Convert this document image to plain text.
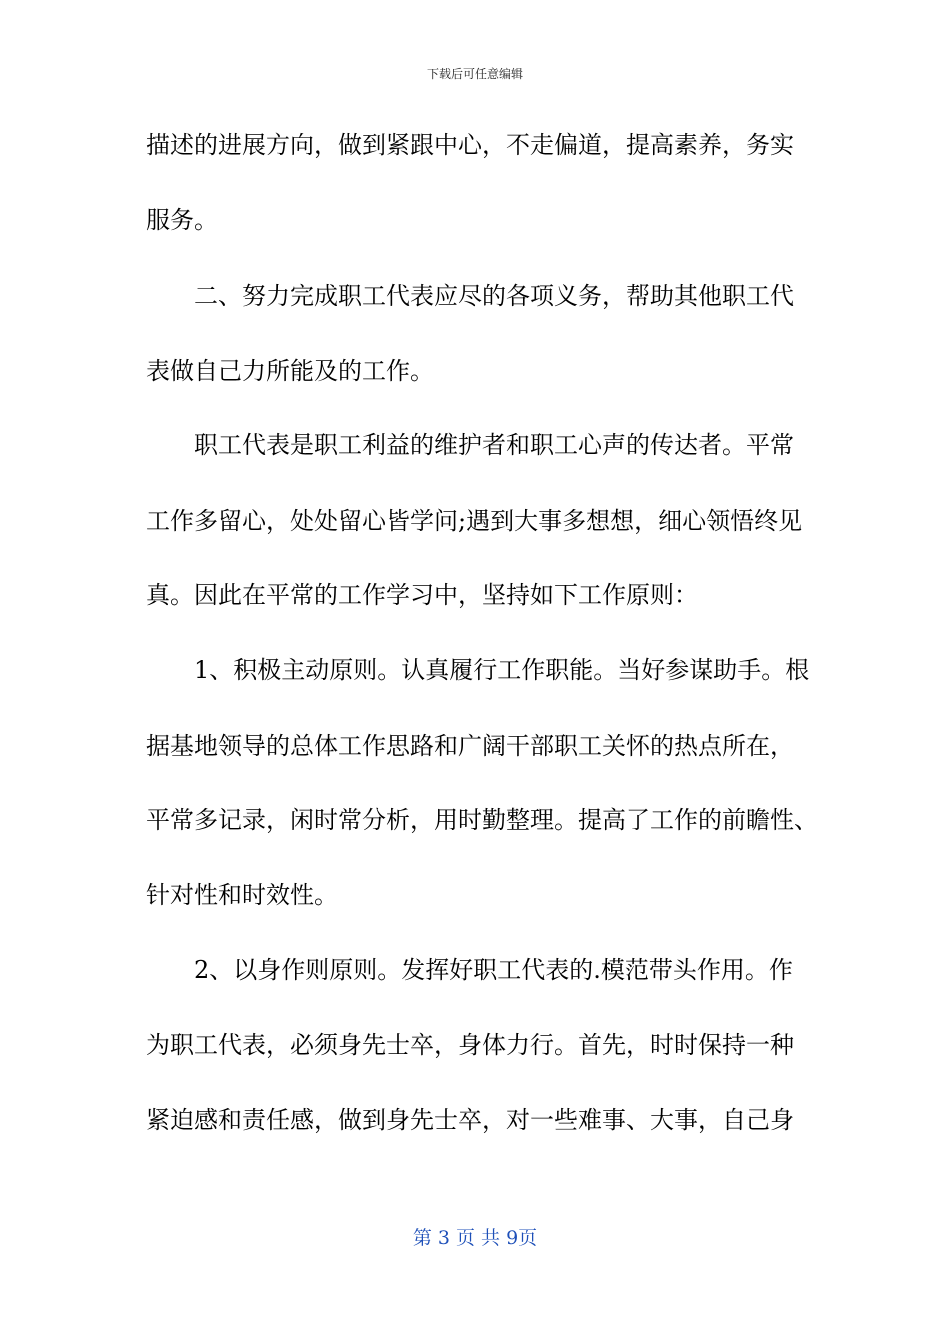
下载后可任意编辑
描述的进展方向，做到紧跟中心，不走偏道，提高素养，务实
服务。
二、努力完成职工代表应尽的各项义务，帮助其他职工代
表做自己力所能及的工作。
职工代表是职工利益的维护者和职工心声的传达者。平常
工作多留心，处处留心皆学问;遇到大事多想想，细心领悟终见
真。因此在平常的工作学习中，坚持如下工作原则：
1、积极主动原则。认真履行工作职能。当好参谋助手。根
据基地领导的总体工作思路和广阔干部职工关怀的热点所在，
平常多记录，闲时常分析，用时勤整理。提高了工作的前瞻性、
针对性和时效性。
2、以身作则原则。发挥好职工代表的.模范带头作用。作
为职工代表，必须身先士卒，身体力行。首先，时时保持一种
紧迫感和责任感，做到身先士卒，对一些难事、大事，自己身
第 3 页 共 9页
